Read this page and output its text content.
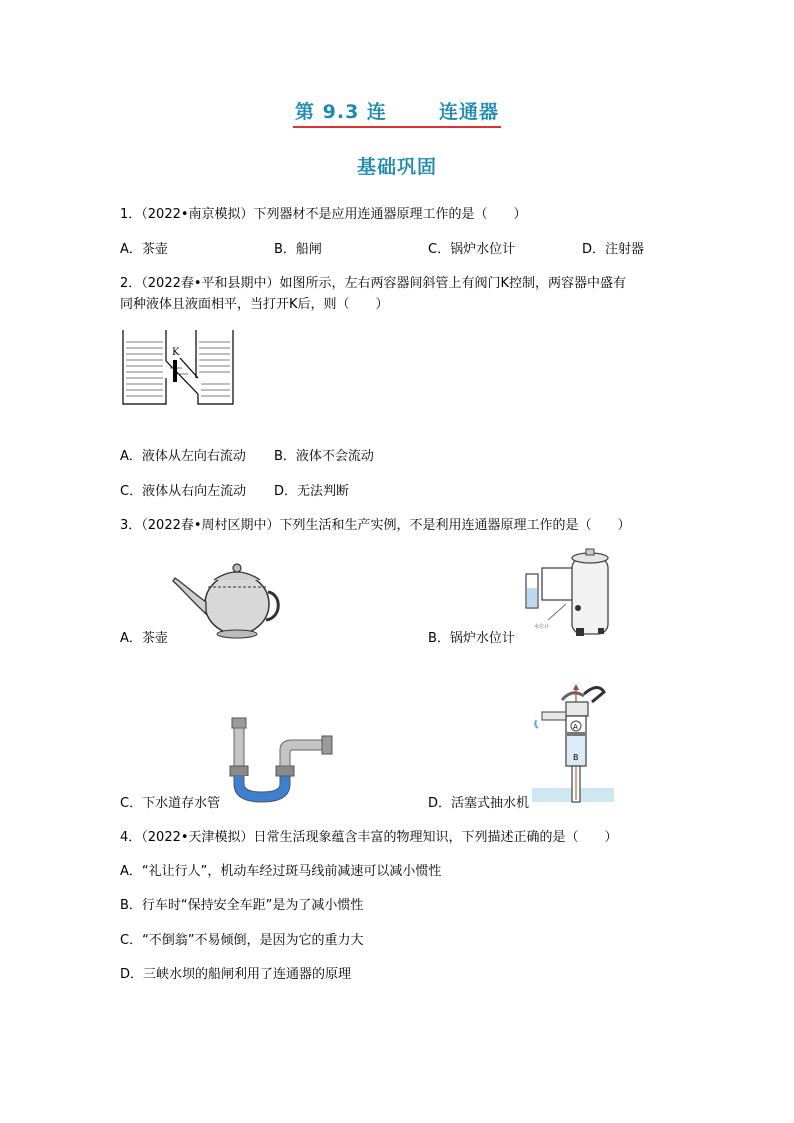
第 9.3 连	连通器
基础巩固
1．（2022•南京模拟）下列器材不是应用连通器原理工作的是（　　）
A．茶壶	B．船闸	C．锅炉水位计	D．注射器
2．（2022春•平和县期中）如图所示，左右两容器间斜管上有阀门K控制，两容器中盛有
同种液体且液面相平，当打开K后，则（　　）
K
A．液体从左向右流动 B．液体不会流动
C．液体从右向左流动 D．无法判断
3．（2022春•周村区期中）下列生活和生产实例，不是利用连通器原理工作的是（　　）
A．茶壶
水位计
B．锅炉水位计
C．下水道存水管
A
B
D．活塞式抽水机
4．（2022•天津模拟）日常生活现象蕴含丰富的物理知识，下列描述正确的是（　　）
A．“礼让行人”，机动车经过斑马线前减速可以减小惯性
B．行车时“保持安全车距”是为了减小惯性
C．“不倒翁”不易倾倒，是因为它的重力大
D．三峡水坝的船闸利用了连通器的原理
